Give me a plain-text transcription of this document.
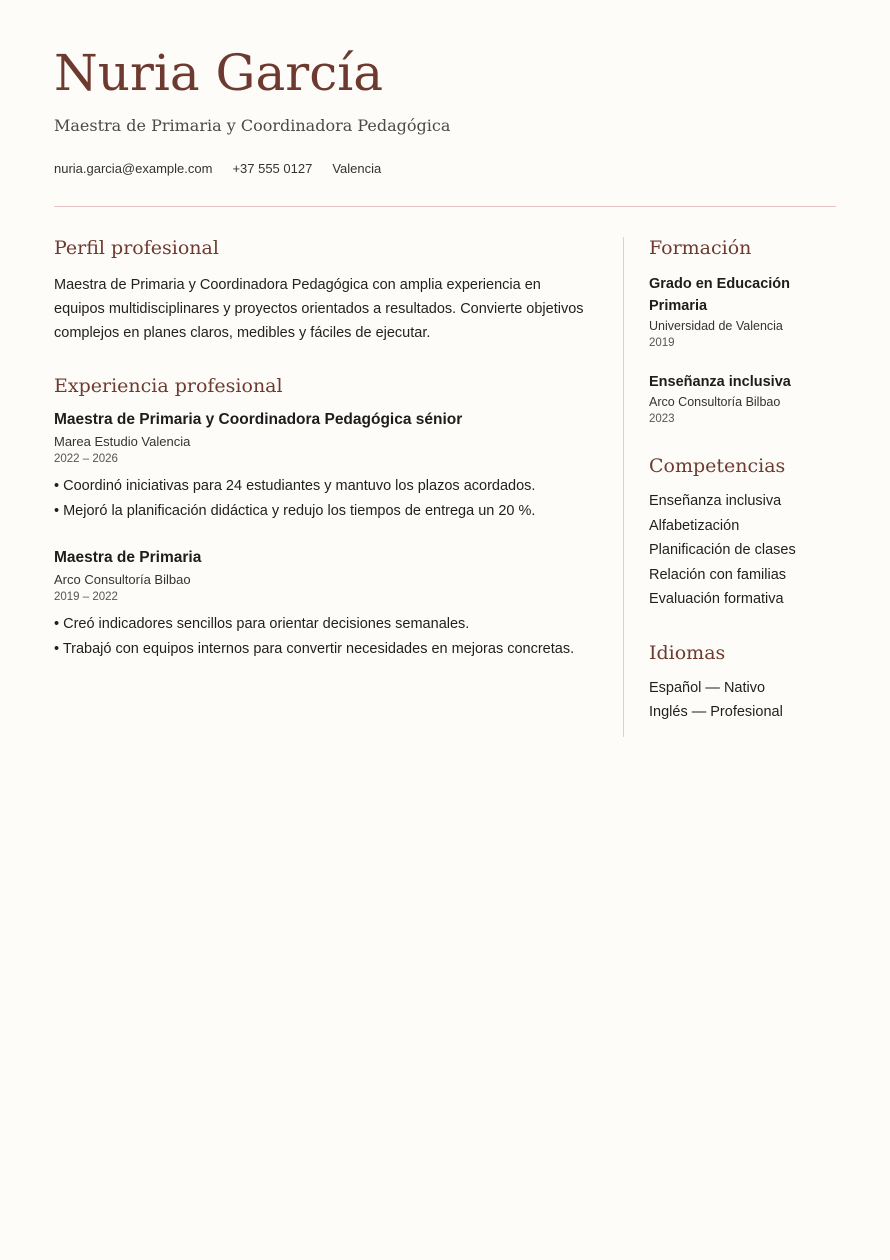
Nuria García

Maestra de Primaria y Coordinadora Pedagógica

nuria.garcia@example.com +37 555 0127 Valencia
Perfil profesional

Maestra de Primaria y Coordinadora Pedagógica con amplia experiencia en equipos multidisciplinares y proyectos orientados a resultados. Convierte objetivos complejos en planes claros, medibles y fáciles de ejecutar.

Experiencia profesional
Maestra de Primaria y Coordinadora Pedagógica sénior
Marea Estudio Valencia
2022 – 2026
• Coordinó iniciativas para 24 estudiantes y mantuvo los plazos acordados.
• Mejoró la planificación didáctica y redujo los tiempos de entrega un 20 %.
Maestra de Primaria
Arco Consultoría Bilbao
2019 – 2022
• Creó indicadores sencillos para orientar decisiones semanales.
• Trabajó con equipos internos para convertir necesidades en mejoras concretas.
Formación
Grado en Educación Primaria
Universidad de Valencia
2019
Enseñanza inclusiva
Arco Consultoría Bilbao
2023
Competencias
Enseñanza inclusiva
Alfabetización
Planificación de clases
Relación con familias
Evaluación formativa
Idiomas
Español — Nativo
Inglés — Profesional
